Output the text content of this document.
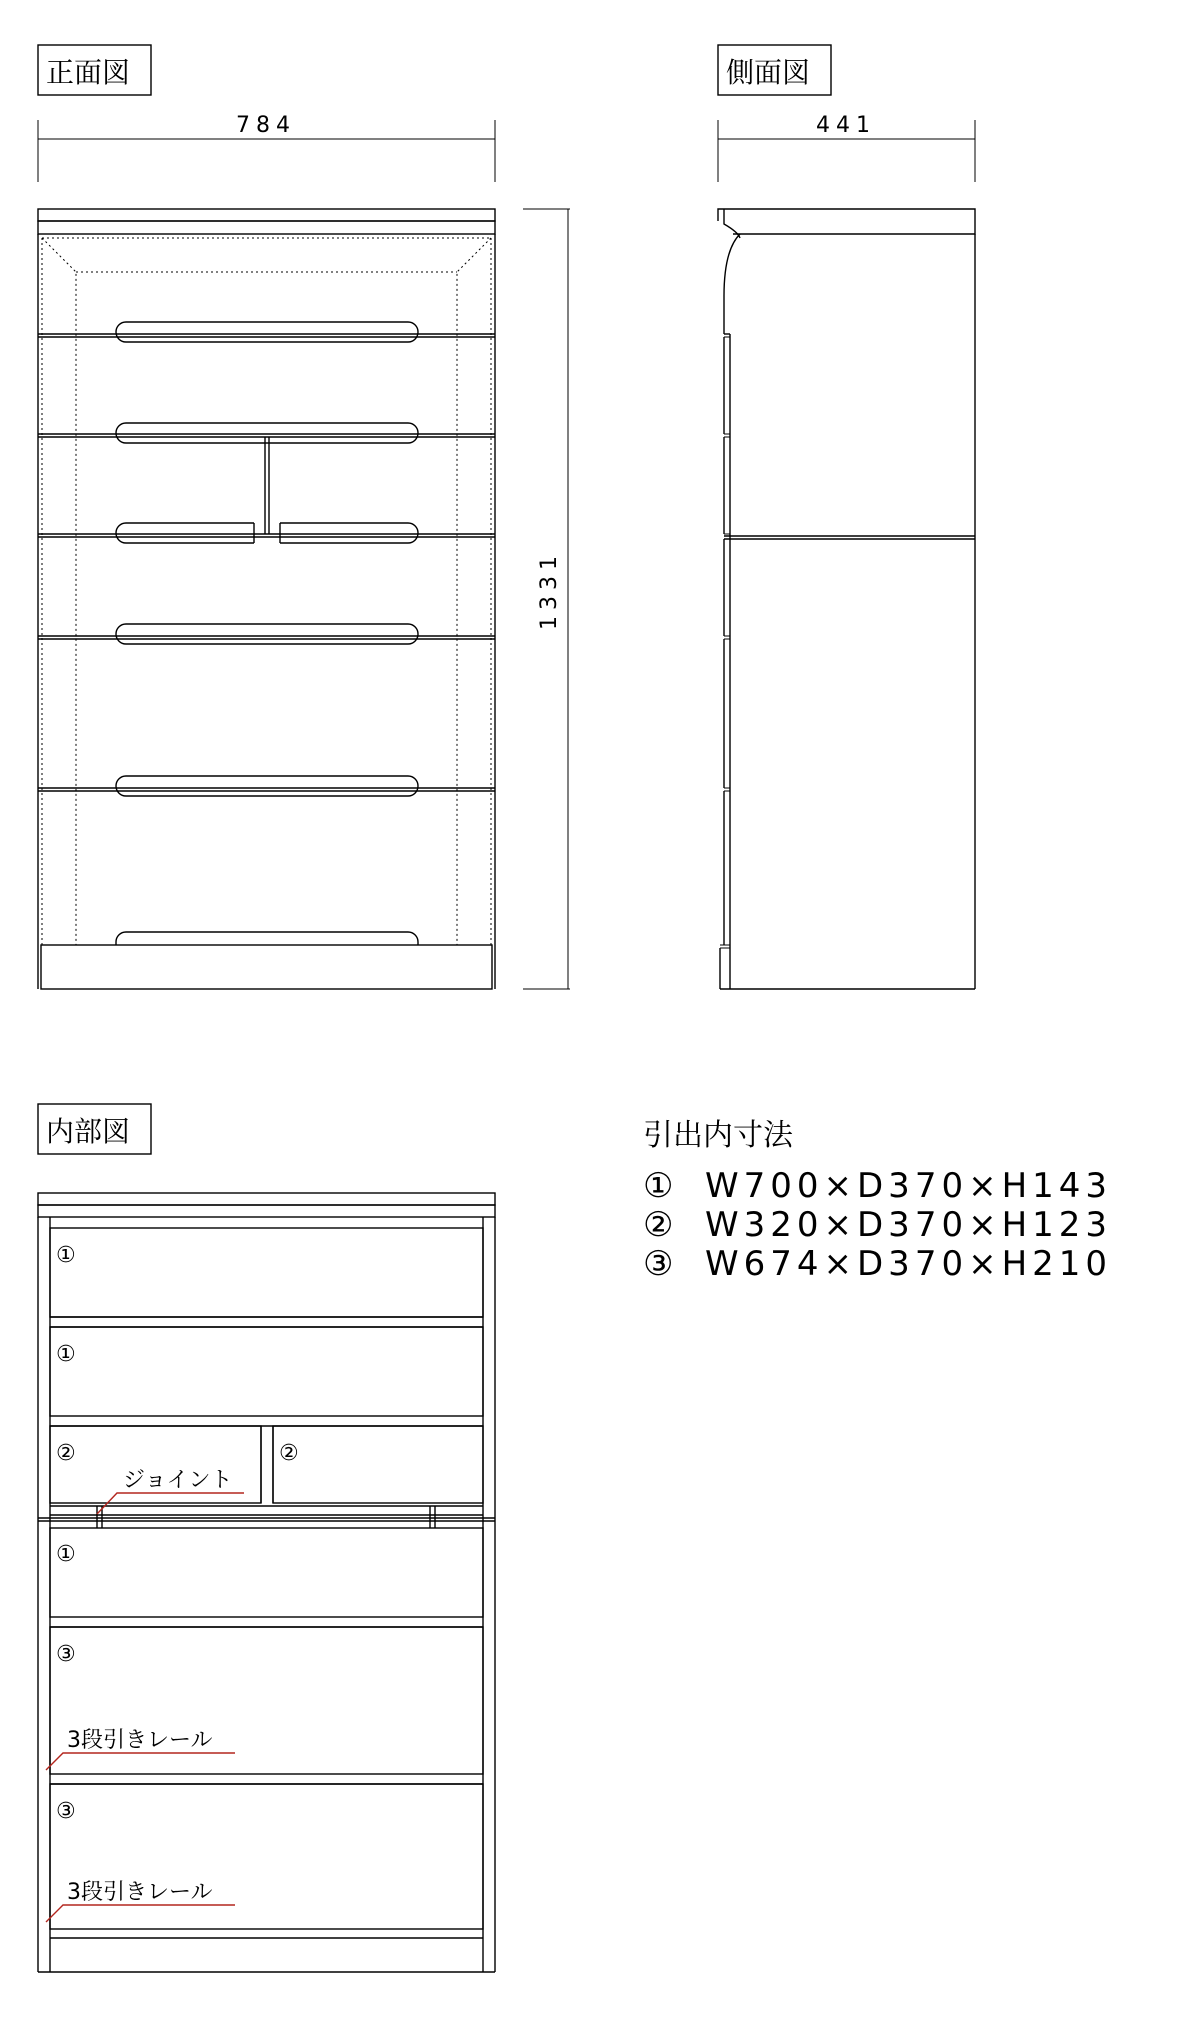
正面図
784
1331
側面図
441
内部図
①
①
②	②
①
③
③
ジョイント
3段引きレール
3段引きレール
引出内寸法
① W700×D370×H143
② W320×D370×H123
③ W674×D370×H210
